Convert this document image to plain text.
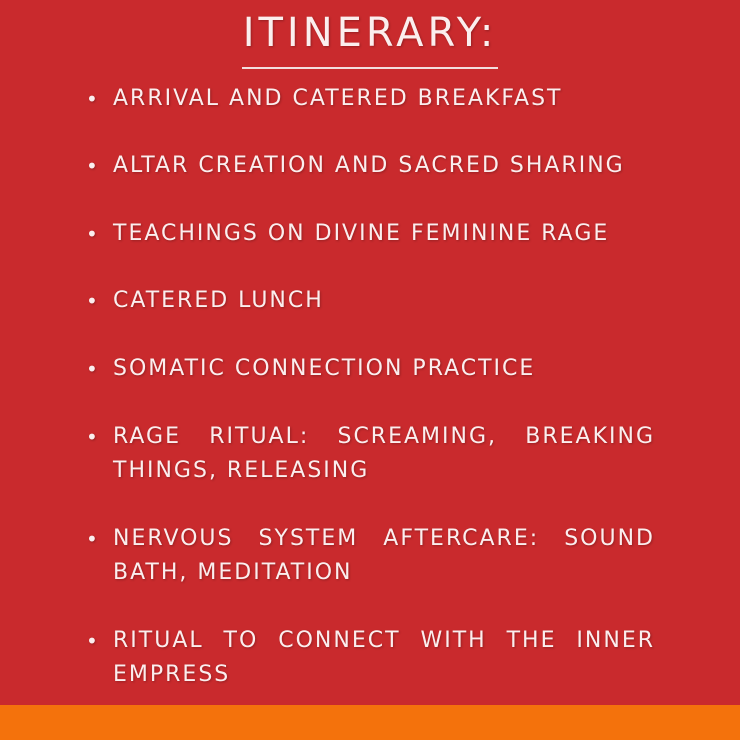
ITINERARY:
• ARRIVAL AND CATERED BREAKFAST
• ALTAR CREATION AND SACRED SHARING
• TEACHINGS ON DIVINE FEMININE RAGE
• CATERED LUNCH
• SOMATIC CONNECTION PRACTICE
• RAGE RITUAL: SCREAMING, BREAKING THINGS, RELEASING
• NERVOUS SYSTEM AFTERCARE: SOUND BATH, MEDITATION
• RITUAL TO CONNECT WITH THE INNER EMPRESS
